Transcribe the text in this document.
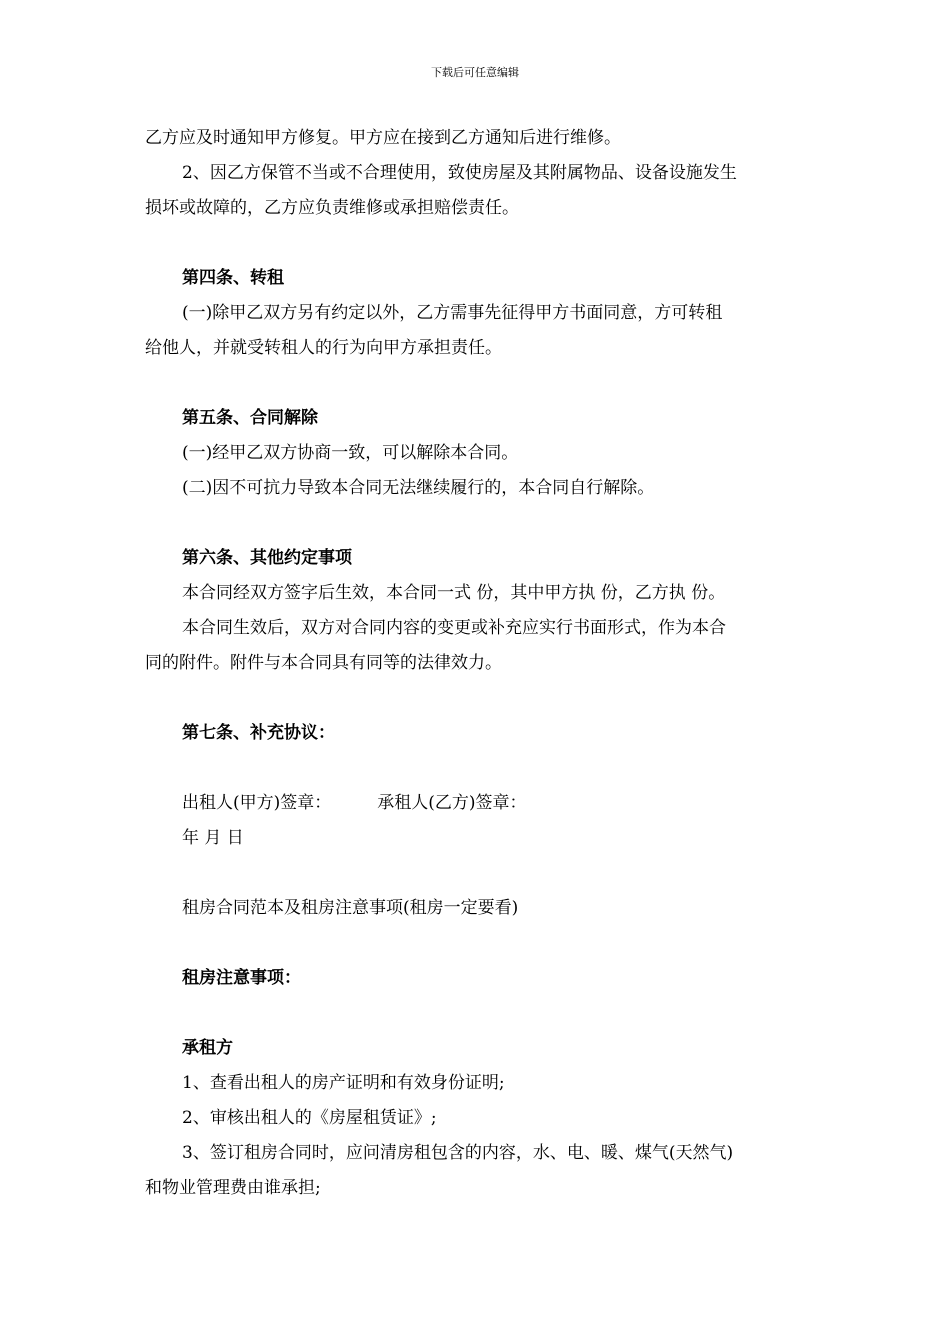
下载后可任意编辑
乙方应及时通知甲方修复。甲方应在接到乙方通知后进行维修。
2、因乙方保管不当或不合理使用，致使房屋及其附属物品、设备设施发生
损坏或故障的，乙方应负责维修或承担赔偿责任。
第四条、转租
(一)除甲乙双方另有约定以外，乙方需事先征得甲方书面同意，方可转租
给他人，并就受转租人的行为向甲方承担责任。
第五条、合同解除
(一)经甲乙双方协商一致，可以解除本合同。
(二)因不可抗力导致本合同无法继续履行的，本合同自行解除。
第六条、其他约定事项
本合同经双方签字后生效，本合同一式 份，其中甲方执 份，乙方执 份。
本合同生效后，双方对合同内容的变更或补充应实行书面形式，作为本合
同的附件。附件与本合同具有同等的法律效力。
第七条、补充协议：
出租人(甲方)签章：	承租人(乙方)签章：
年 月 日
租房合同范本及租房注意事项(租房一定要看)
租房注意事项：
承租方
1、查看出租人的房产证明和有效身份证明;
2、审核出租人的《房屋租赁证》;
3、签订租房合同时，应问清房租包含的内容，水、电、暖、煤气(天然气)
和物业管理费由谁承担;
